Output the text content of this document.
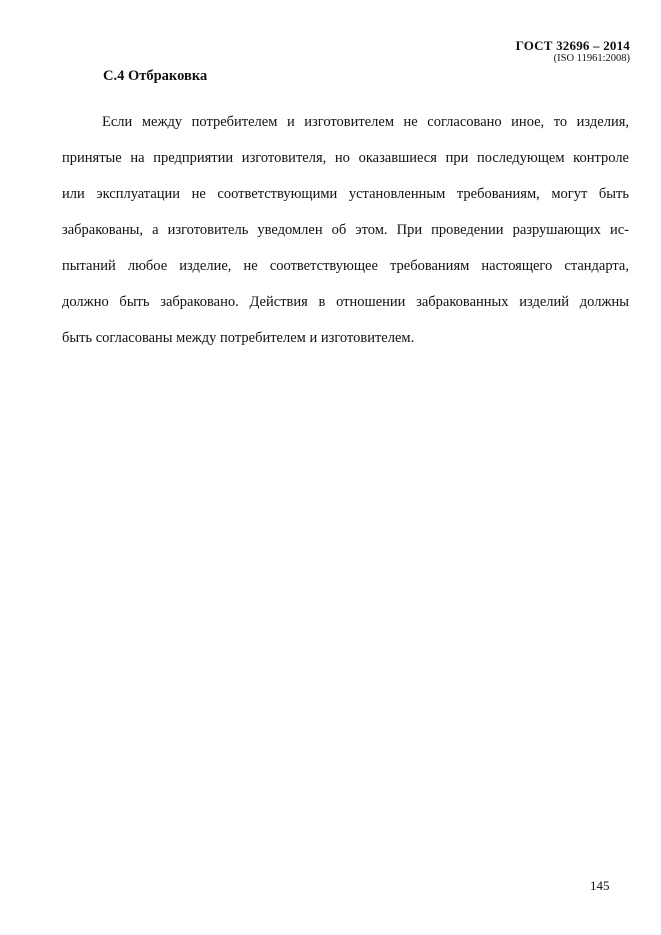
ГОСТ 32696 – 2014
(ISO 11961:2008)
C.4 Отбраковка
Если между потребителем и изготовителем не согласовано иное, то изделия,
принятые на предприятии изготовителя, но оказавшиеся при последующем контроле
или эксплуатации не соответствующими установленным требованиям, могут быть
забракованы, а изготовитель уведомлен об этом. При проведении разрушающих ис-
пытаний любое изделие, не соответствующее требованиям настоящего стандарта,
должно быть забраковано. Действия в отношении забракованных изделий должны
быть согласованы между потребителем и изготовителем.
145
